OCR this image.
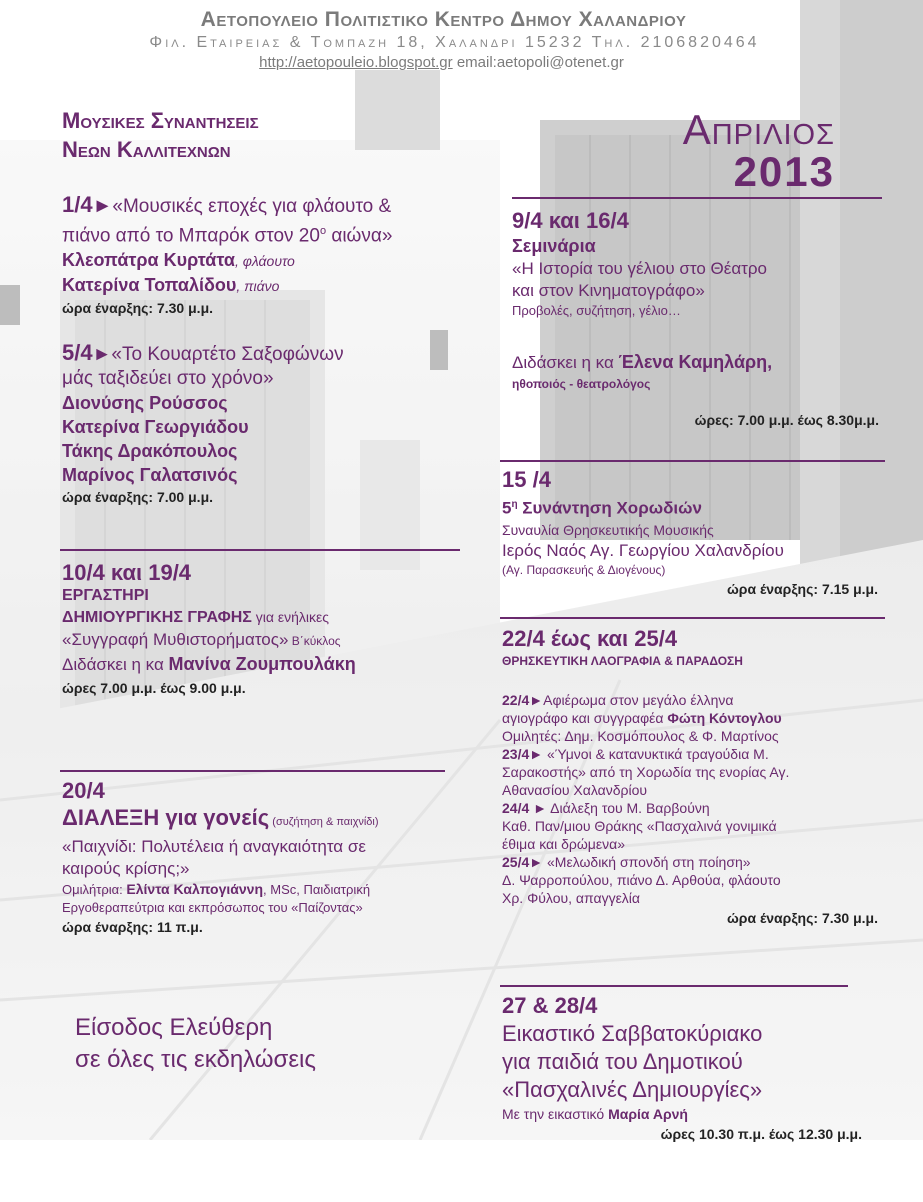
Αετοπουλειο Πολιτιστικο Κεντρο Δημου Χαλανδριου
Φιλ. Εταιρειας & Τομπαζη 18, Χαλανδρι 15232 Τηλ. 2106820464
http://aetopouleio.blogspot.gr email:aetopoli@otenet.gr
Απριλιος
2013
Μουσικες Συναντησεις
Νεων Καλλιτεχνων
1/4►«Μουσικές εποχές για φλάουτο &
πιάνο από το Μπαρόκ στον $20^o$ αιώνα»
Κλεοπάτρα Κυρτάτα, φλάουτο
Κατερίνα Τοπαλίδου, πιάνο
ώρα έναρξης: 7.30 μ.μ.
5/4►«Το Κουαρτέτο Σαξοφώνων
μάς ταξιδεύει στο χρόνο»
Διονύσης Ρούσσος
Κατερίνα Γεωργιάδου
Τάκης Δρακόπουλος
Μαρίνος Γαλατσινός
ώρα έναρξης: 7.00 μ.μ.
10/4 και 19/4
ΕΡΓΑΣΤΗΡΙ
ΔΗΜΙΟΥΡΓΙΚΗΣ ΓΡΑΦΗΣ για ενήλικες
«Συγγραφή Μυθιστορήματος» Β΄κύκλος
Διδάσκει η κα Μανίνα Ζουμπουλάκη
ώρες 7.00 μ.μ. έως 9.00 μ.μ.
20/4
ΔΙΑΛΕΞΗ για γονείς (συζήτηση & παιχνίδι)
«Παιχνίδι: Πολυτέλεια ή αναγκαιότητα σε
καιρούς κρίσης;»
Ομιλήτρια: Ελίντα Καλπογιάννη, MSc, Παιδιατρική
Εργοθεραπεύτρια και εκπρόσωπος του «Παίζοντας»
ώρα έναρξης: 11 π.μ.
Είσοδος Ελεύθερη
σε όλες τις εκδηλώσεις
9/4 και 16/4
Σεμινάρια
«Η Ιστορία του γέλιου στο Θέατρο
και στον Κινηματογράφο»
Προβολές, συζήτηση, γέλιο…
Διδάσκει η κα Έλενα Καμηλάρη,
ηθοποιός - θεατρολόγος
ώρες: 7.00 μ.μ. έως 8.30μ.μ.
15 /4
$5^\eta$ Συνάντηση Χορωδιών
Συναυλία Θρησκευτικής Μουσικής
Ιερός Ναός Αγ. Γεωργίου Χαλανδρίου
(Αγ. Παρασκευής & Διογένους)
ώρα έναρξης: 7.15 μ.μ.
22/4 έως και 25/4
ΘΡΗΣΚΕΥΤΙΚΗ ΛΑΟΓΡΑΦΙΑ & ΠΑΡΑΔΟΣΗ
22/4►Αφιέρωμα στον μεγάλο έλληνα
αγιογράφο και συγγραφέα Φώτη Κόντογλου
Ομιλητές: Δημ. Κοσμόπουλος & Φ. Μαρτίνος
23/4► «Ύμνοι & κατανυκτικά τραγούδια Μ.
Σαρακοστής» από τη Χορωδία της ενορίας Αγ.
Αθανασίου Χαλανδρίου
24/4 ► Διάλεξη του Μ. Βαρβούνη
Καθ. Παν/μιου Θράκης «Πασχαλινά γονιμικά
έθιμα και δρώμενα»
25/4► «Μελωδική σπονδή στη ποίηση»
Δ. Ψαρροπούλου, πιάνο Δ. Αρθούα, φλάουτο
Χρ. Φύλου, απαγγελία
ώρα έναρξης: 7.30 μ.μ.
27 & 28/4
Εικαστικό Σαββατοκύριακο
για παιδιά του Δημοτικού
«Πασχαλινές Δημιουργίες»
Με την εικαστικό Μαρία Αρνή
ώρες 10.30 π.μ. έως 12.30 μ.μ.
